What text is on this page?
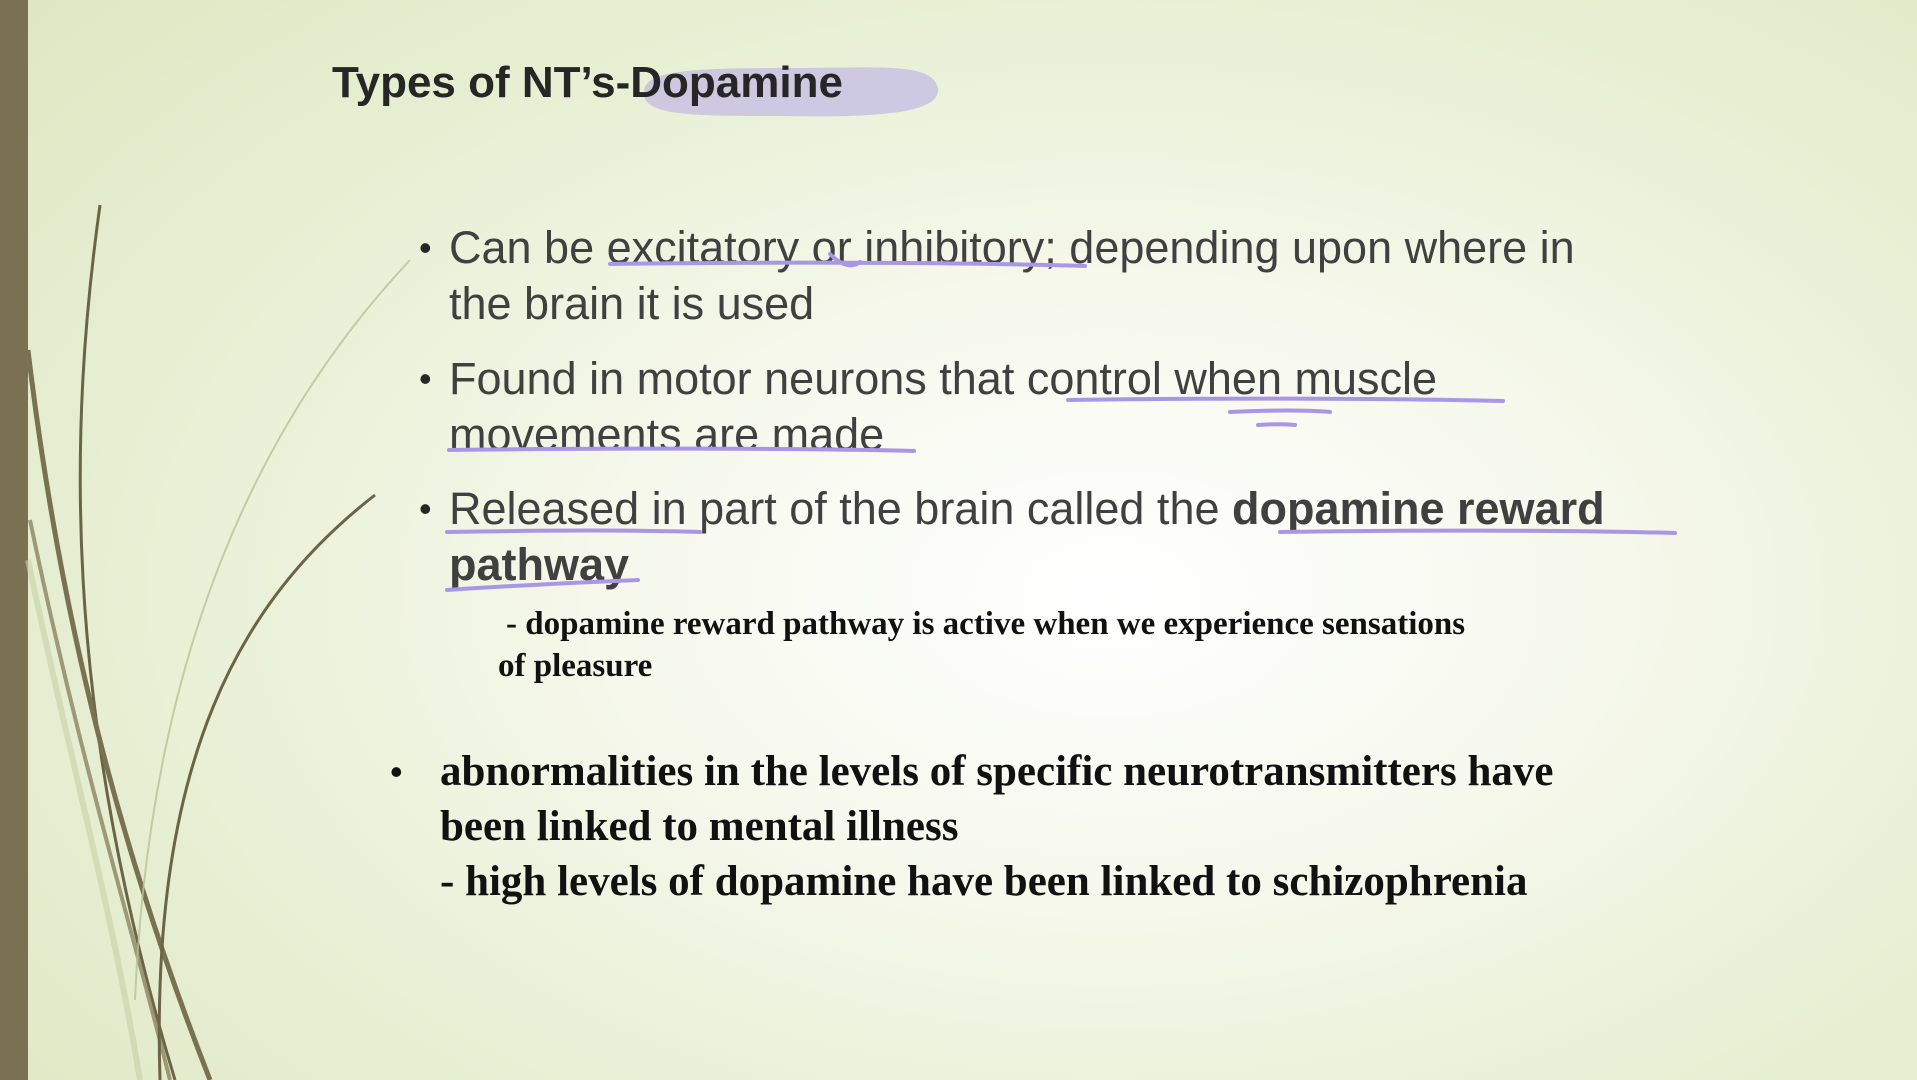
Types of NT’s-Dopamine
• Can be excitatory or inhibitory; depending upon where in
the brain it is used
• Found in motor neurons that control when muscle
movements are made
• Released in part of the brain called the dopamine reward
pathway
- dopamine reward pathway is active when we experience sensations
of pleasure
• abnormalities in the levels of specific neurotransmitters have
been linked to mental illness
- high levels of dopamine have been linked to schizophrenia
